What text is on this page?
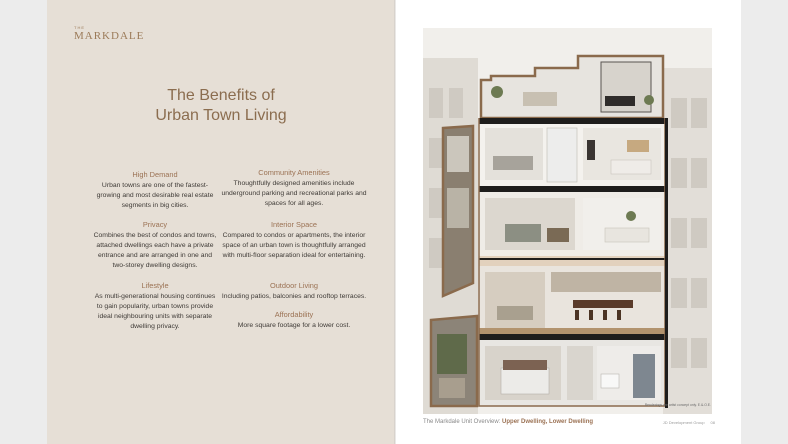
THE
MARKDALE
The Benefits of
Urban Town Living
High Demand

Urban towns are one of the fastest-growing and most desirable real estate segments in big cities.

Community Amenities

Thoughtfully designed amenities include underground parking and recreational parks and spaces for all ages.

Privacy

Combines the best of condos and towns, attached dwellings each have a private entrance and are arranged in one and two-storey dwelling designs.

Interior Space

Compared to condos or apartments, the interior space of an urban town is thoughtfully arranged with multi-floor separation ideal for entertaining.

Lifestyle

As multi-generational housing continues to gain popularity, urban towns provide ideal neighbouring units with separate dwelling privacy.

Outdoor Living

Including patios, balconies and rooftop terraces.

Affordability

More square footage for a lower cost.

Renderings are artist concept only. E.&.O.E.
The Markdale Unit Overview: Upper Dwelling, Lower Dwelling	JD Development Group 08
